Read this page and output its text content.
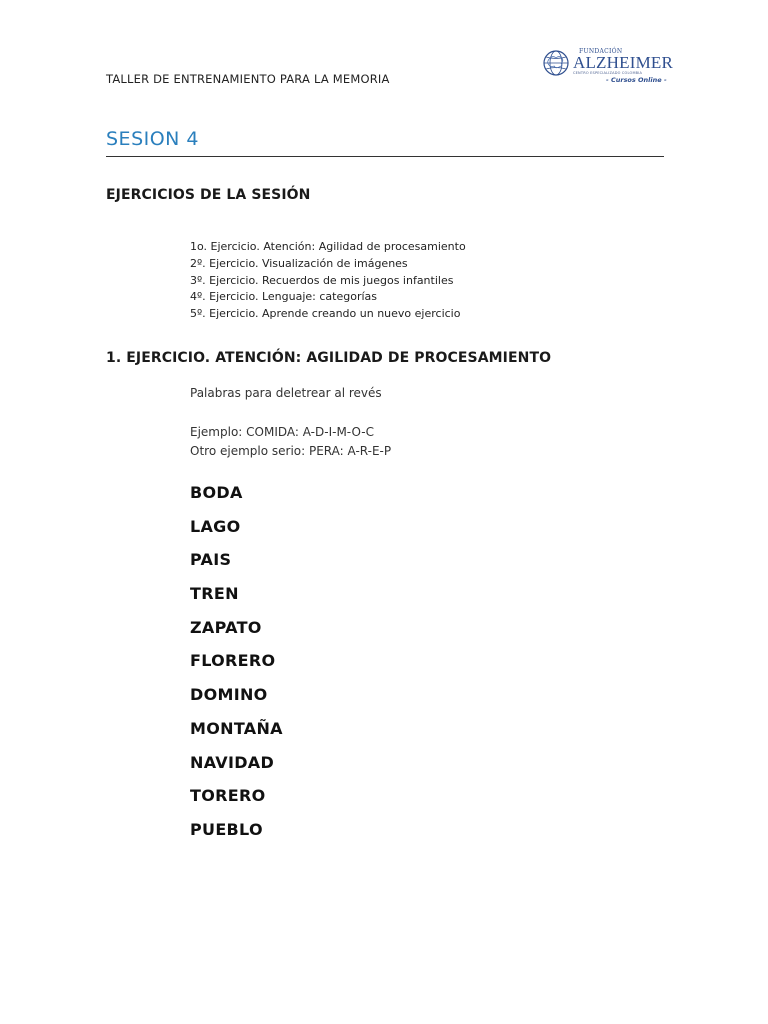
TALLER DE ENTRENAMIENTO PARA LA MEMORIA
FUNDACIÓN
ALZHEIMER
CENTRO ESPECIALIZADO COLOMBIA
- Cursos Online -
SESION 4
EJERCICIOS DE LA SESIÓN
1o. Ejercicio. Atención: Agilidad de procesamiento
2º. Ejercicio. Visualización de imágenes
3º. Ejercicio. Recuerdos de mis juegos infantiles
4º. Ejercicio. Lenguaje: categorías
5º. Ejercicio. Aprende creando un nuevo ejercicio
1. EJERCICIO. ATENCIÓN: AGILIDAD DE PROCESAMIENTO
Palabras para deletrear al revés
Ejemplo: COMIDA: A-D-I-M-O-C
Otro ejemplo serio: PERA: A-R-E-P
BODA
LAGO
PAIS
TREN
ZAPATO
FLORERO
DOMINO
MONTAÑA
NAVIDAD
TORERO
PUEBLO
